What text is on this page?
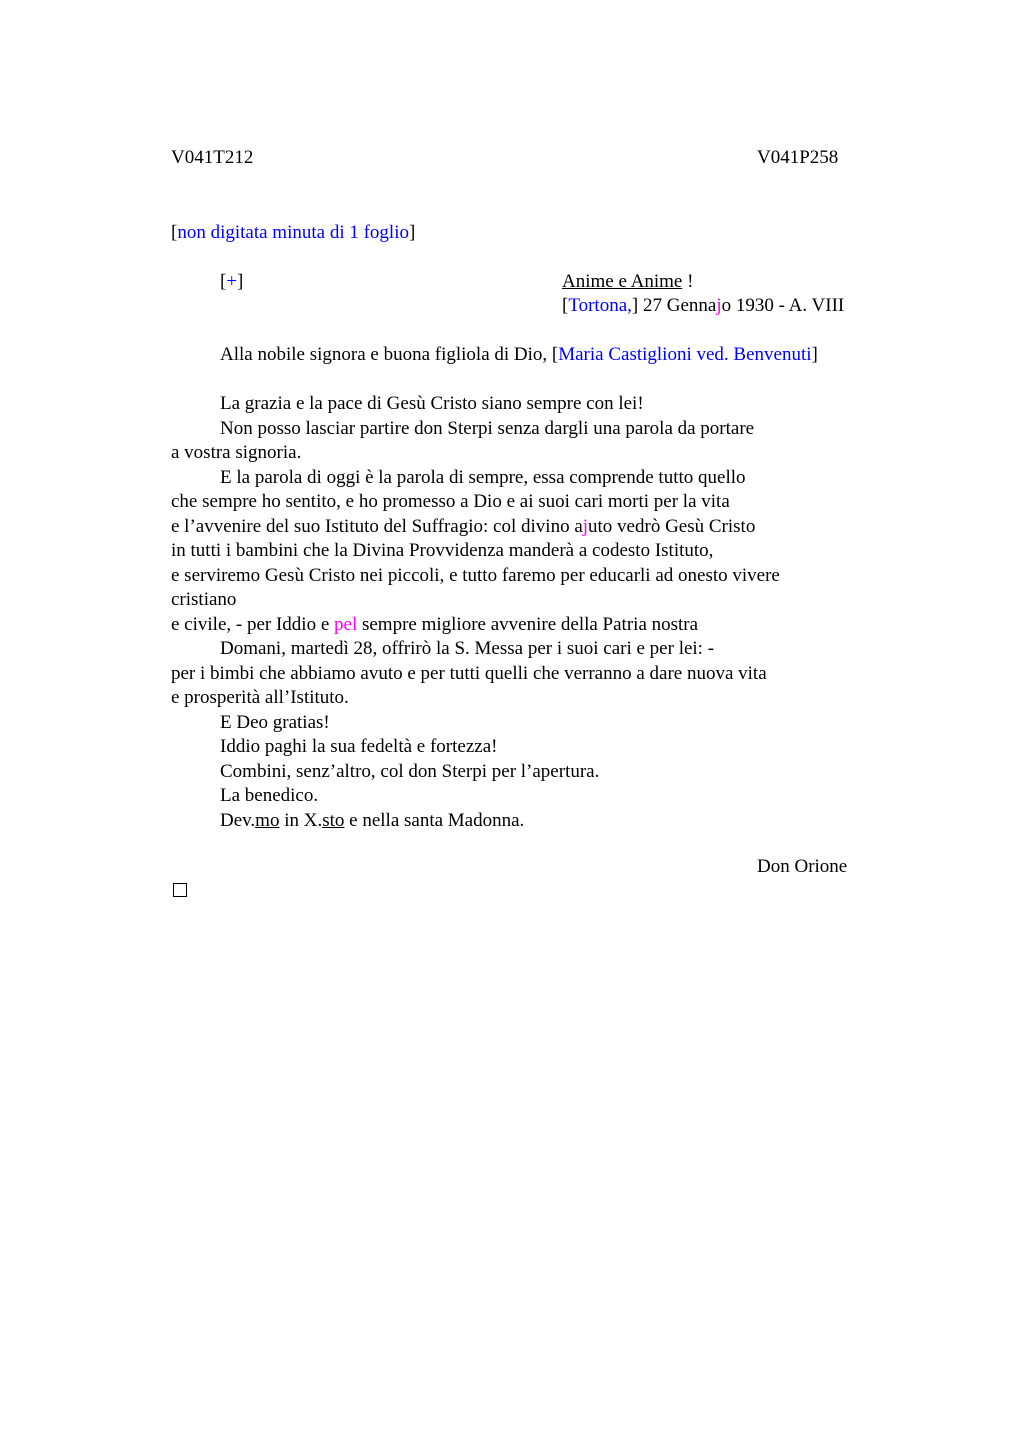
V041T212	V041P258
[non digitata minuta di 1 foglio]
[+]	Anime e Anime !
[Tortona,] 27 Gennajo 1930 - A. VIII
Alla nobile signora e buona figliola di Dio, [Maria Castiglioni ved. Benvenuti]
La grazia e la pace di Gesù Cristo siano sempre con lei!
Non posso lasciar partire don Sterpi senza dargli una parola da portare
a vostra signoria.
E la parola di oggi è la parola di sempre, essa comprende tutto quello
che sempre ho sentito, e ho promesso a Dio e ai suoi cari morti per la vita
e l’avvenire del suo Istituto del Suffragio: col divino ajuto vedrò Gesù Cristo
in tutti i bambini che la Divina Provvidenza manderà a codesto Istituto,
e serviremo Gesù Cristo nei piccoli, e tutto faremo per educarli ad onesto vivere
cristiano
e civile, - per Iddio e pel sempre migliore avvenire della Patria nostra
Domani, martedì 28, offrirò la S. Messa per i suoi cari e per lei: -
per i bimbi che abbiamo avuto e per tutti quelli che verranno a dare nuova vita
e prosperità all’Istituto.
E Deo gratias!
Iddio paghi la sua fedeltà e fortezza!
Combini, senz’altro, col don Sterpi per l’apertura.
La benedico.
Dev.mo in X.sto e nella santa Madonna.
Don Orione
